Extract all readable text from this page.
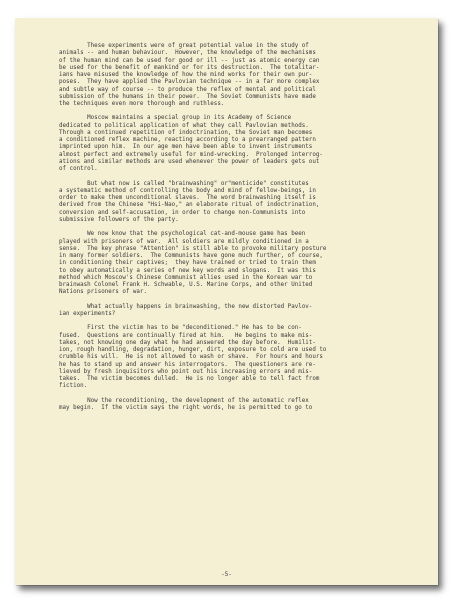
These experiments were of great potential value in the study of
animals -- and human behaviour.  However, the knowledge of the mechanisms
of the human mind can be used for good or ill -- just as atomic energy can
be used for the benefit of mankind or for its destruction.  The totalitar-
ians have misused the knowledge of how the mind works for their own pur-
poses.  They have applied the Pavlovian technique -- in a far more complex
and subtle way of course -- to produce the reflex of mental and political
submission of the humans in their power.  The Soviet Communists have made
the techniques even more thorough and ruthless.
Moscow maintains a special group in its Academy of Science
dedicated to political application of what they call Pavlovian methods.
Through a continued repetition of indoctrination, the Soviet man becomes
a conditioned reflex machine, reacting according to a prearranged pattern
imprinted upon him.  In our age men have been able to invent instruments
almost perfect and extremely useful for mind-wrecking.  Prolonged interrog-
ations and similar methods are used whenever the power of leaders gets out
of control.
But what now is called "brainwashing" or"menticide" constitutes
a systematic method of controlling the body and mind of fellow-beings, in
order to make them unconditional slaves.  The word brainwashing itself is
derived from the Chinese "Hsi-Nao," an elaborate ritual of indoctrination,
conversion and self-accusation, in order to change non-Communists into
submissive followers of the party.
We now know that the psychological cat-and-mouse game has been
played with prisoners of war.  All soldiers are mildly conditioned in a
sense.  The key phrase "Attention" is still able to provoke military posture
in many former soldiers.  The Communists have gone much further, of course,
in conditioning their captives;  they have trained or tried to train them
to obey automatically a series of new key words and slogans.  It was this
method which Moscow's Chinese Communist allies used in the Korean war to
brainwash Colonel Frank H. Schwable, U.S. Marine Corps, and other United
Nations prisoners of war.
What actually happens in brainwashing, the new distorted Pavlov-
ian experiments?
First the victim has to be "deconditioned." He has to be con-
fused.  Questions are continually fired at him.   He begins to make mis-
takes, not knowing one day what he had answered the day before.  Humilit-
ion, rough handling, degradation, hunger, dirt, exposure to cold are used to
crumble his will.  He is not allowed to wash or shave.  For hours and hours
he has to stand up and answer his interrogators.  The questioners are re-
lieved by fresh inquisitors who point out his increasing errors and mis-
takes.  The victim becomes dulled.  He is no longer able to tell fact from
fiction.
Now the reconditioning, the development of the automatic reflex
may begin.  If the victim says the right words, he is permitted to go to
-5-
